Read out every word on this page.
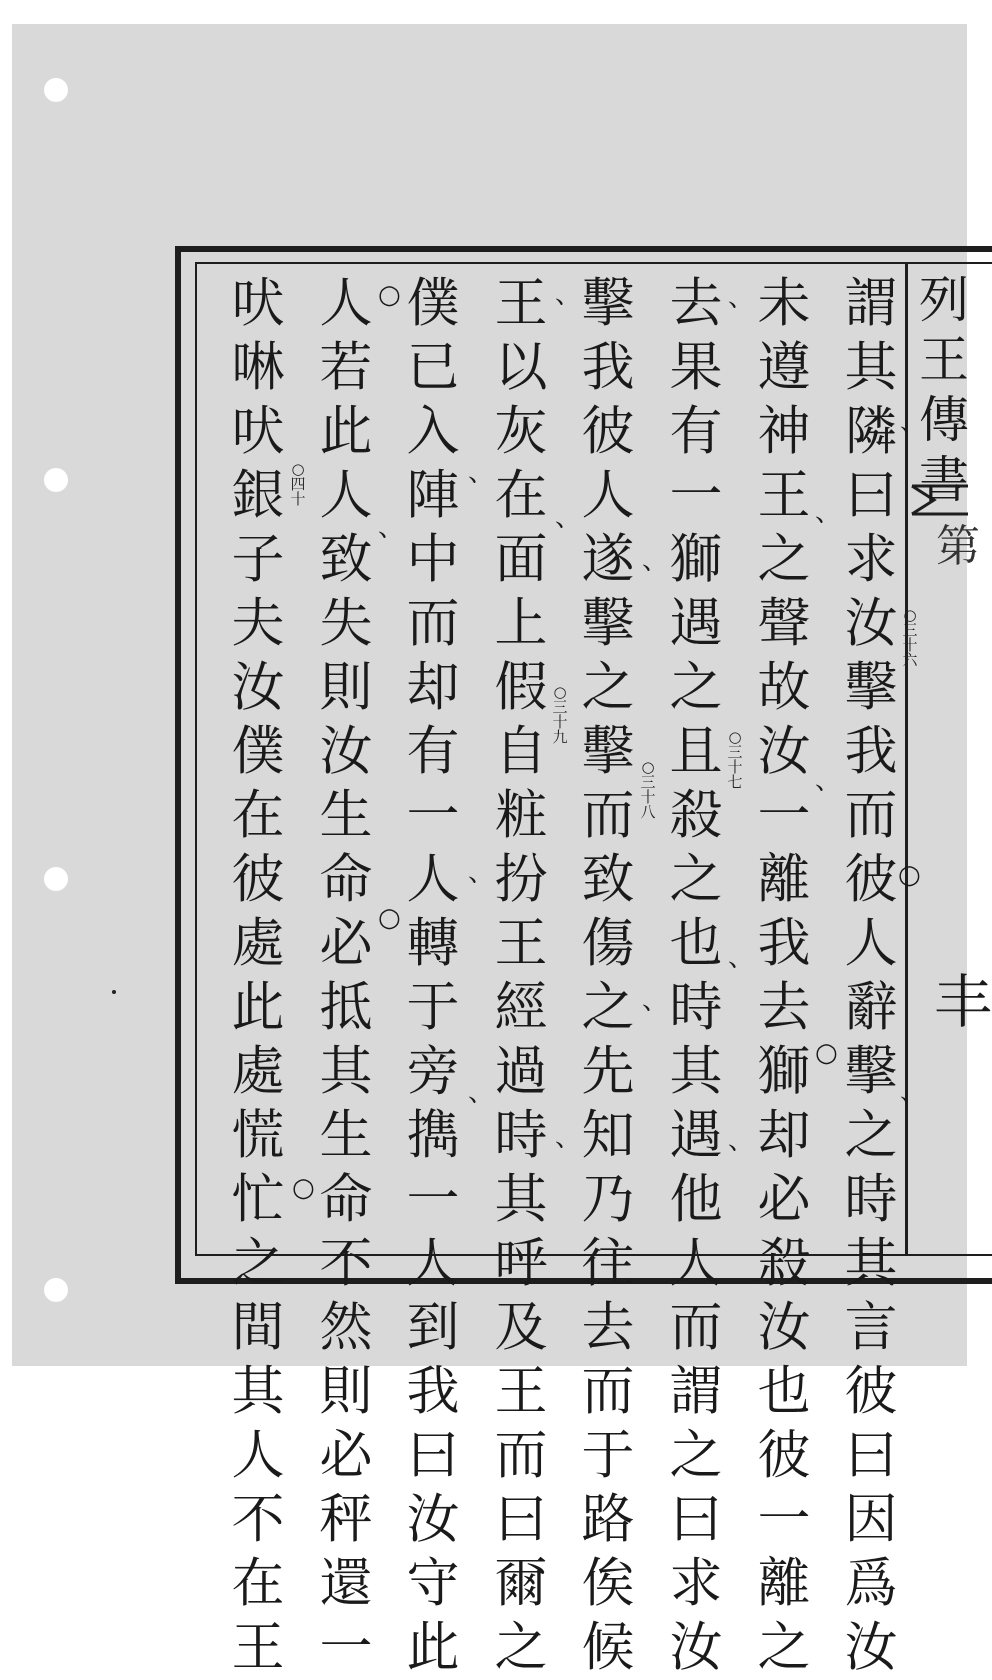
列王傳書
第
丰
謂其隣曰求汝擊我而彼人辭擊之時其言彼曰因爲汝
未遵神王之聲故汝一離我去獅却必殺汝也彼一離之
去果有一獅遇之且殺之也時其遇他人而謂之曰求汝
擊我彼人遂擊之擊而致傷之先知乃往去而于路俟候
王以灰在面上假自粧扮王經過時其呼及王而曰爾之
僕已入陣中而却有一人轉于旁擕一人到我曰汝守此
人若此人致失則汝生命必抵其生命不然則必秤還一
吠啉吠銀子夫汝僕在彼處此處慌忙之間其人不在王
○三十六
○三十七
○三十八
○三十九
○四十
、
、
○
、
、
、
○
、
、
、
、
、
、
、
、
、
、
○
、
○
○
